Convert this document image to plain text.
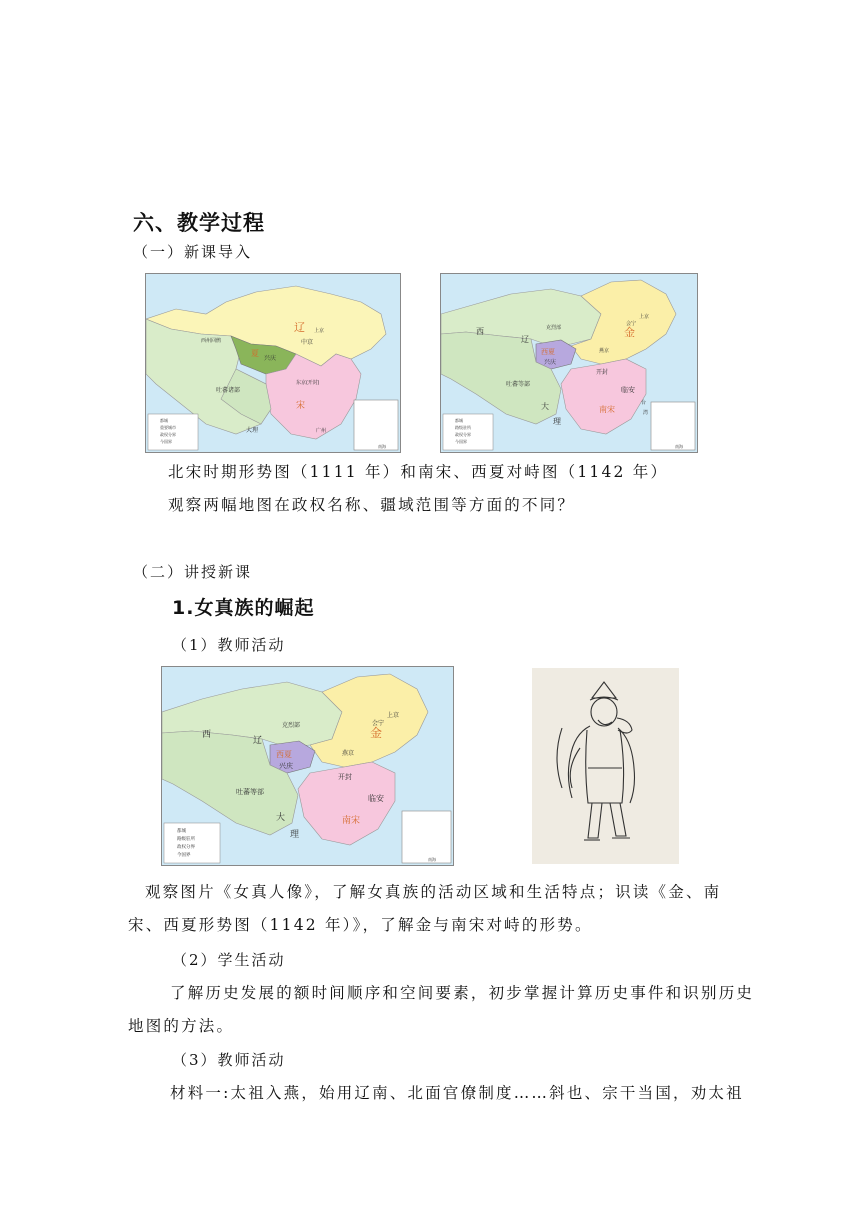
六、教学过程
（一）新课导入
辽 上京
中京
夏
兴庆
东京(开封)
宋
吐蕃诸部
大理
西州回鹘
广州
南海
都城
重要城市
政权分界
今国界
西
辽
克烈部
西夏
兴庆
金
上京
会宁
燕京
开封
临安
南宋
吐蕃等部
大
理
台
湾
南海
都城
路级驻所
政权分界
今国界
北宋时期形势图（1111 年）和南宋、西夏对峙图（1142 年）
观察两幅地图在政权名称、疆域范围等方面的不同？
（二）讲授新课
1.女真族的崛起
（1）教师活动
西
辽
克烈部
西夏
兴庆
金
上京
会宁
燕京
开封
临安
南宋
吐蕃等部
大
理
南海
都城
路级驻所
政权分界
今国界
观察图片《女真人像》，了解女真族的活动区域和生活特点；识读《金、南
宋、西夏形势图（1142 年）》，了解金与南宋对峙的形势。
（2）学生活动
了解历史发展的额时间顺序和空间要素，初步掌握计算历史事件和识别历史
地图的方法。
（3）教师活动
材料一:太祖入燕，始用辽南、北面官僚制度……斜也、宗干当国，劝太祖
